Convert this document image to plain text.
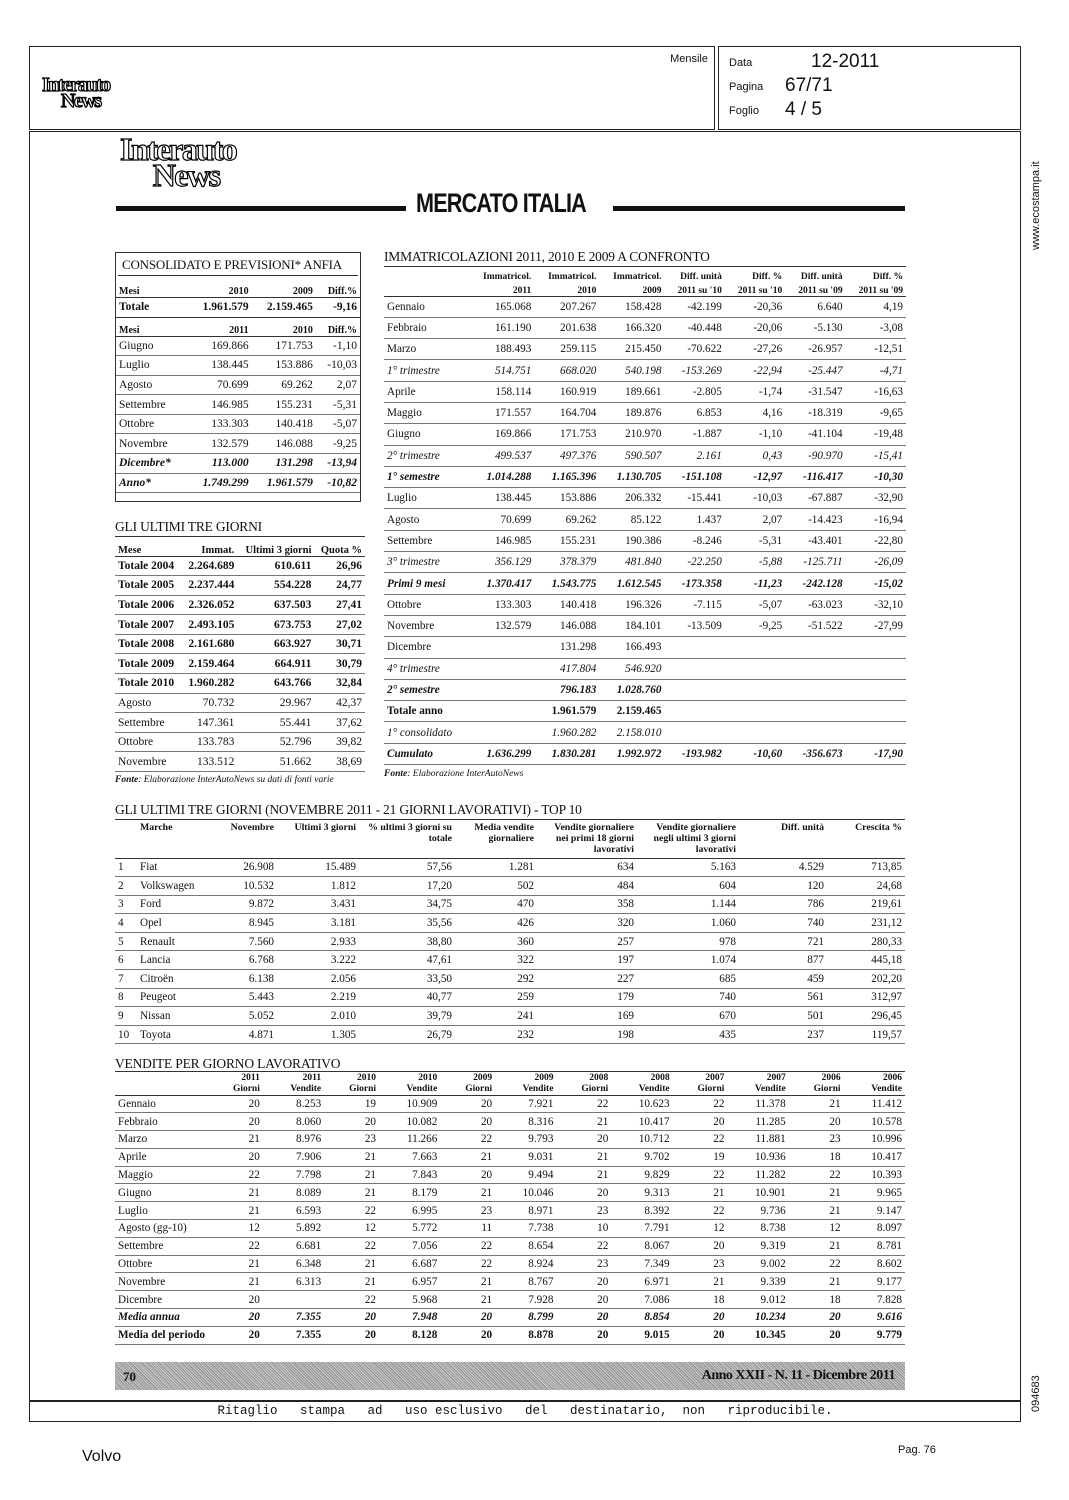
Interauto
News
Mensile Data	12-2011
Pagina 67/71
Foglio 4 / 5
Ritaglio   stampa   ad   uso esclusivo   del   destinatario,  non   riproducibile.
www.ecostampa.it
094683
Interauto
News
MERCATO ITALIA
CONSOLIDATO E PREVISIONI* ANFIA
Mesi	2010	2009	Diff.%
Totale	1.961.579	2.159.465	-9,16
Mesi	2011	2010	Diff.%
Giugno	169.866	171.753	-1,10
Luglio	138.445	153.886	-10,03
Agosto	70.699	69.262	2,07
Settembre	146.985	155.231	-5,31
Ottobre	133.303	140.418	-5,07
Novembre	132.579	146.088	-9,25
Dicembre*	113.000	131.298	-13,94
Anno*	1.749.299	1.961.579	-10,82
GLI ULTIMI TRE GIORNI
Mese	Immat.	Ultimi 3 giorni	Quota %
Totale 2004	2.264.689	610.611	26,96
Totale 2005	2.237.444	554.228	24,77
Totale 2006	2.326.052	637.503	27,41
Totale 2007	2.493.105	673.753	27,02
Totale 2008	2.161.680	663.927	30,71
Totale 2009	2.159.464	664.911	30,79
Totale 2010	1.960.282	643.766	32,84
Agosto	70.732	29.967	42,37
Settembre	147.361	55.441	37,62
Ottobre	133.783	52.796	39,82
Novembre	133.512	51.662	38,69
Fonte: Elaborazione InterAutoNews su dati di fonti varie
IMMATRICOLAZIONI 2011, 2010 E 2009 A CONFRONTO
	Immatricol.	Immatricol.	Immatricol.	Diff. unità	Diff. %	Diff. unità	Diff. %
	2011	2010	2009	2011 su '10	2011 su '10	2011 su '09	2011 su '09
Gennaio	165.068	207.267	158.428	-42.199	-20,36	6.640	4,19
Febbraio	161.190	201.638	166.320	-40.448	-20,06	-5.130	-3,08
Marzo	188.493	259.115	215.450	-70.622	-27,26	-26.957	-12,51
1° trimestre	514.751	668.020	540.198	-153.269	-22,94	-25.447	-4,71
Aprile	158.114	160.919	189.661	-2.805	-1,74	-31.547	-16,63
Maggio	171.557	164.704	189.876	6.853	4,16	-18.319	-9,65
Giugno	169.866	171.753	210.970	-1.887	-1,10	-41.104	-19,48
2° trimestre	499.537	497.376	590.507	2.161	0,43	-90.970	-15,41
1° semestre	1.014.288	1.165.396	1.130.705	-151.108	-12,97	-116.417	-10,30
Luglio	138.445	153.886	206.332	-15.441	-10,03	-67.887	-32,90
Agosto	70.699	69.262	85.122	1.437	2,07	-14.423	-16,94
Settembre	146.985	155.231	190.386	-8.246	-5,31	-43.401	-22,80
3° trimestre	356.129	378.379	481.840	-22.250	-5,88	-125.711	-26,09
Primi 9 mesi	1.370.417	1.543.775	1.612.545	-173.358	-11,23	-242.128	-15,02
Ottobre	133.303	140.418	196.326	-7.115	-5,07	-63.023	-32,10
Novembre	132.579	146.088	184.101	-13.509	-9,25	-51.522	-27,99
Dicembre		131.298	166.493				
4° trimestre		417.804	546.920				
2° semestre		796.183	1.028.760				
Totale anno		1.961.579	2.159.465				
1° consolidato		1.960.282	2.158.010				
Cumulato	1.636.299	1.830.281	1.992.972	-193.982	-10,60	-356.673	-17,90
Fonte: Elaborazione InterAutoNews
GLI ULTIMI TRE GIORNI (NOVEMBRE 2011 - 21 GIORNI LAVORATIVI) - TOP 10
	Marche	Novembre	Ultimi 3 giorni	% ultimi 3 giorni su totale	Media vendite giornaliere	Vendite giornaliere nei primi 18 giorni lavorativi	Vendite giornaliere negli ultimi 3 giorni lavorativi	Diff. unità	Crescita %
1	Fiat	26.908	15.489	57,56	1.281	634	5.163	4.529	713,85
2	Volkswagen	10.532	1.812	17,20	502	484	604	120	24,68
3	Ford	9.872	3.431	34,75	470	358	1.144	786	219,61
4	Opel	8.945	3.181	35,56	426	320	1.060	740	231,12
5	Renault	7.560	2.933	38,80	360	257	978	721	280,33
6	Lancia	6.768	3.222	47,61	322	197	1.074	877	445,18
7	Citroën	6.138	2.056	33,50	292	227	685	459	202,20
8	Peugeot	5.443	2.219	40,77	259	179	740	561	312,97
9	Nissan	5.052	2.010	39,79	241	169	670	501	296,45
10	Toyota	4.871	1.305	26,79	232	198	435	237	119,57
VENDITE PER GIORNO LAVORATIVO
	2011	2011	2010	2010	2009	2009	2008	2008	2007	2007	2006	2006
	Giorni	Vendite	Giorni	Vendite	Giorni	Vendite	Giorni	Vendite	Giorni	Vendite	Giorni	Vendite
Gennaio	20	8.253	19	10.909	20	7.921	22	10.623	22	11.378	21	11.412
Febbraio	20	8.060	20	10.082	20	8.316	21	10.417	20	11.285	20	10.578
Marzo	21	8.976	23	11.266	22	9.793	20	10.712	22	11.881	23	10.996
Aprile	20	7.906	21	7.663	21	9.031	21	9.702	19	10.936	18	10.417
Maggio	22	7.798	21	7.843	20	9.494	21	9.829	22	11.282	22	10.393
Giugno	21	8.089	21	8.179	21	10.046	20	9.313	21	10.901	21	9.965
Luglio	21	6.593	22	6.995	23	8.971	23	8.392	22	9.736	21	9.147
Agosto (gg-10)	12	5.892	12	5.772	11	7.738	10	7.791	12	8.738	12	8.097
Settembre	22	6.681	22	7.056	22	8.654	22	8.067	20	9.319	21	8.781
Ottobre	21	6.348	21	6.687	22	8.924	23	7.349	23	9.002	22	8.602
Novembre	21	6.313	21	6.957	21	8.767	20	6.971	21	9.339	21	9.177
Dicembre	20		22	5.968	21	7.928	20	7.086	18	9.012	18	7.828
Media annua	20	7.355	20	7.948	20	8.799	20	8.854	20	10.234	20	9.616
Media del periodo	20	7.355	20	8.128	20	8.878	20	9.015	20	10.345	20	9.779
70	Anno XXII - N. 11 - Dicembre 2011
Volvo	Pag. 76
